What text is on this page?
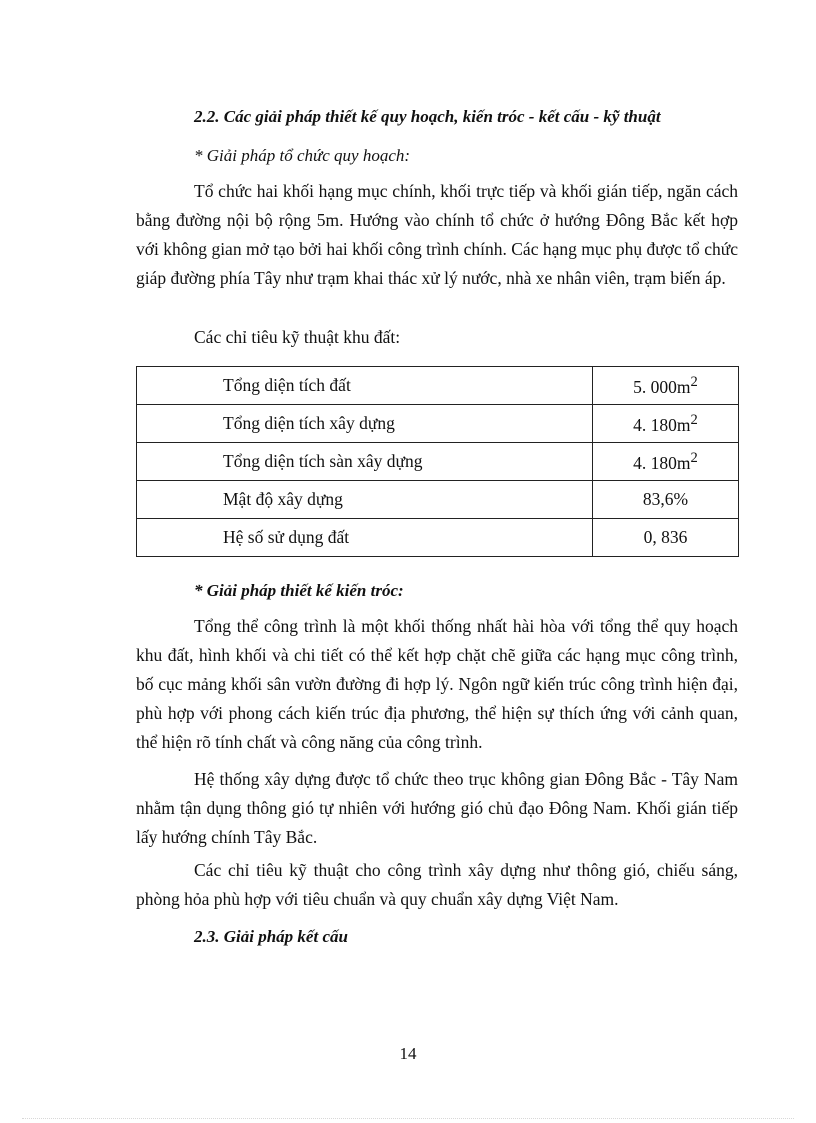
2.2. Các giải pháp thiết kế quy hoạch, kiến tróc - kết cấu - kỹ thuật
* Giải pháp tổ chức quy hoạch:
Tổ chức hai khối hạng mục chính, khối trực tiếp và khối gián tiếp, ngăn cách bằng đường nội bộ rộng 5m. Hướng vào chính tổ chức ở hướng Đông Bắc kết hợp với không gian mở tạo bởi hai khối công trình chính. Các hạng mục phụ được tổ chức giáp đường phía Tây như trạm khai thác xử lý nước, nhà xe nhân viên, trạm biến áp.
Các chỉ tiêu kỹ thuật khu đất:
Tổng diện tích đất	5. $000m^2$
Tổng diện tích xây dựng	4. $180m^2$
Tổng diện tích sàn xây dựng	4. $180m^2$
Mật độ xây dựng	83,6%
Hệ số sử dụng đất	0, 836
* Giải pháp thiết kế kiến tróc:
Tổng thể công trình là một khối thống nhất hài hòa với tổng thể quy hoạch khu đất, hình khối và chi tiết có thể kết hợp chặt chẽ giữa các hạng mục công trình, bố cục mảng khối sân vườn đường đi hợp lý. Ngôn ngữ kiến trúc công trình hiện đại, phù hợp với phong cách kiến trúc địa phương, thể hiện sự thích ứng với cảnh quan, thể hiện rõ tính chất và công năng của công trình.
Hệ thống xây dựng được tổ chức theo trục không gian Đông Bắc - Tây Nam nhằm tận dụng thông gió tự nhiên với hướng gió chủ đạo Đông Nam. Khối gián tiếp lấy hướng chính Tây Bắc.
Các chỉ tiêu kỹ thuật cho công trình xây dựng như thông gió, chiếu sáng, phòng hỏa phù hợp với tiêu chuẩn và quy chuẩn xây dựng Việt Nam.
2.3. Giải pháp kết cấu
14
